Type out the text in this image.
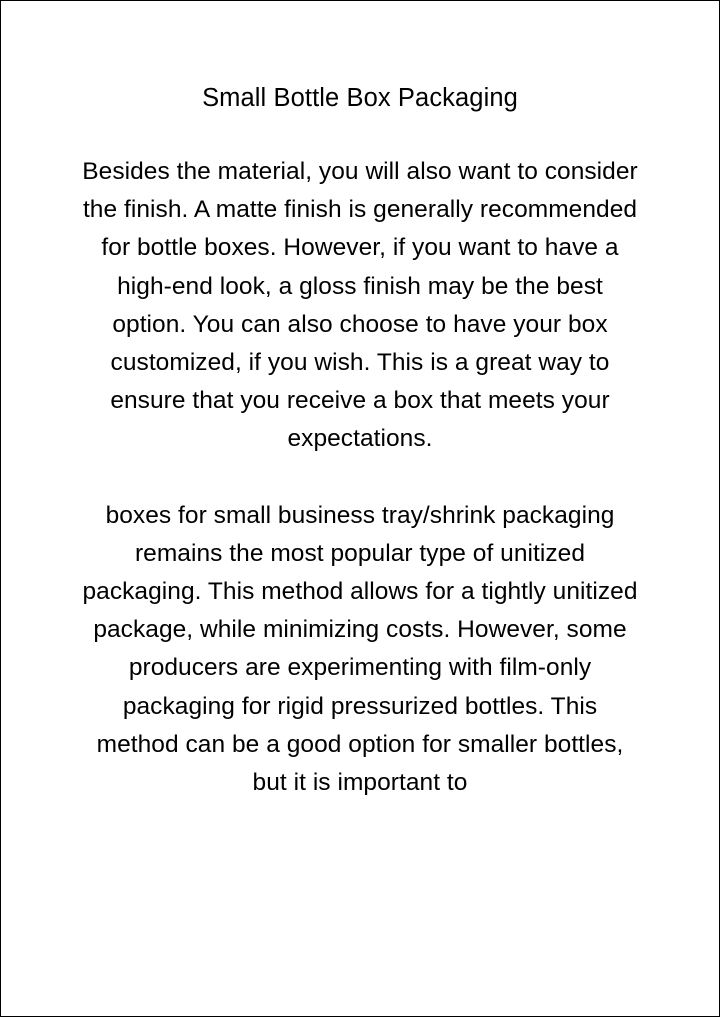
Small Bottle Box Packaging

Besides the material, you will also want to consider the finish. A matte finish is generally recommended for bottle boxes. However, if you want to have a high-end look, a gloss finish may be the best option. You can also choose to have your box customized, if you wish. This is a great way to ensure that you receive a box that meets your expectations.

boxes for small business tray/shrink packaging remains the most popular type of unitized packaging. This method allows for a tightly unitized package, while minimizing costs. However, some producers are experimenting with film-only packaging for rigid pressurized bottles. This method can be a good option for smaller bottles, but it is important to
